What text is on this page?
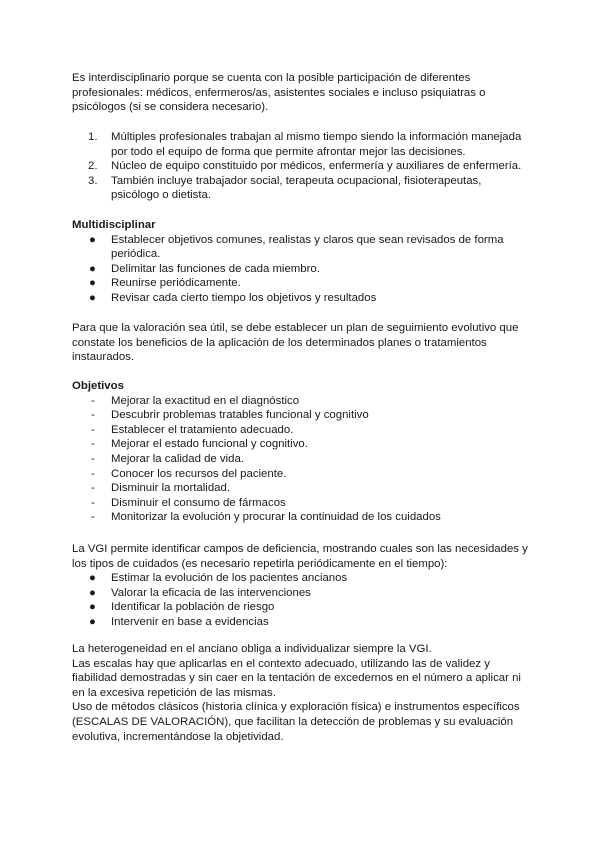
Es interdisciplinario porque se cuenta con la posible participación de diferentes profesionales: médicos, enfermeros/as, asistentes sociales e incluso psiquiatras o psicólogos (si se considera necesario).

1. Múltiples profesionales trabajan al mismo tiempo siendo la información manejada por todo el equipo de forma que permite afrontar mejor las decisiones.
2. Núcleo de equipo constituido por médicos, enfermería y auxiliares de enfermería.
3. También incluye trabajador social, terapeuta ocupacional, fisioterapeutas, psicólogo o dietista.

Multidisciplinar

● Establecer objetivos comunes, realistas y claros que sean revisados de forma periódica.
● Delimitar las funciones de cada miembro.
● Reunirse periódicamente.
● Revisar cada cierto tiempo los objetivos y resultados

Para que la valoración sea útil, se debe establecer un plan de seguimiento evolutivo que constate los beneficios de la aplicación de los determinados planes o tratamientos instaurados.

Objetivos

- Mejorar la exactitud en el diagnóstico
- Descubrir problemas tratables funcional y cognitivo
- Establecer el tratamiento adecuado.
- Mejorar el estado funcional y cognitivo.
- Mejorar la calidad de vida.
- Conocer los recursos del paciente.
- Disminuir la mortalidad.
- Disminuir el consumo de fármacos
- Monitorizar la evolución y procurar la continuidad de los cuidados

La VGI permite identificar campos de deficiencia, mostrando cuales son las necesidades y los tipos de cuidados (es necesario repetirla periódicamente en el tiempo):

● Estimar la evolución de los pacientes ancianos
● Valorar la eficacia de las intervenciones
● Identificar la población de riesgo
● Intervenir en base a evidencias

La heterogeneidad en el anciano obliga a individualizar siempre la VGI.

Las escalas hay que aplicarlas en el contexto adecuado, utilizando las de validez y fiabilidad demostradas y sin caer en la tentación de excedernos en el número a aplicar ni en la excesiva repetición de las mismas.

Uso de métodos clásicos (historia clínica y exploración física) e instrumentos específicos (ESCALAS DE VALORACIÓN), que facilitan la detección de problemas y su evaluación evolutiva, incrementándose la objetividad.
